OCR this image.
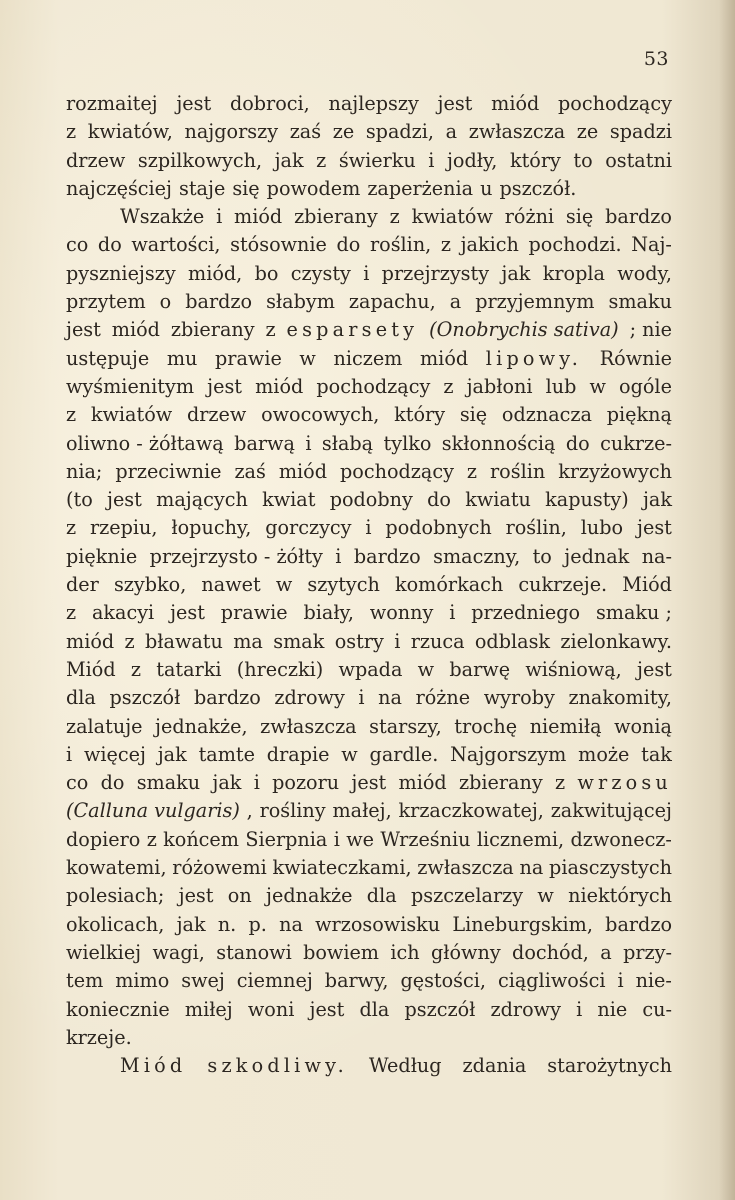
53
rozmaitej jest dobroci, najlepszy jest miód pochodzący
z kwiatów, najgorszy zaś ze spadzi, a zwłaszcza ze spadzi
drzew szpilkowych, jak z świerku i jodły, który to ostatni
najczęściej staje się powodem zaperżenia u pszczół.
Wszakże i miód zbierany z kwiatów różni się bardzo
co do wartości, stósownie do roślin, z jakich pochodzi. Naj-
pyszniejszy miód, bo czysty i przejrzysty jak kropla wody,
przytem o bardzo słabym zapachu, a przyjemnym smaku
jest miód zbierany z esparsety (Onobrychis sativa) ; nie
ustępuje mu prawie w niczem miód lipowy. Równie
wyśmienitym jest miód pochodzący z jabłoni lub w ogóle
z kwiatów drzew owocowych, który się odznacza piękną
oliwno - żółtawą barwą i słabą tylko skłonnością do cukrze-
nia; przeciwnie zaś miód pochodzący z roślin krzyżowych
(to jest mających kwiat podobny do kwiatu kapusty) jak
z rzepiu, łopuchy, gorczycy i podobnych roślin, lubo jest
pięknie przejrzysto - żółty i bardzo smaczny, to jednak na-
der szybko, nawet w szytych komórkach cukrzeje. Miód
z akacyi jest prawie biały, wonny i przedniego smaku ;
miód z bławatu ma smak ostry i rzuca odblask zielonkawy.
Miód z tatarki (hreczki) wpada w barwę wiśniową, jest
dla pszczół bardzo zdrowy i na różne wyroby znakomity,
zalatuje jednakże, zwłaszcza starszy, trochę niemiłą wonią
i więcej jak tamte drapie w gardle. Najgorszym może tak
co do smaku jak i pozoru jest miód zbierany z wrzosu
(Calluna vulgaris) , rośliny małej, krzaczkowatej, zakwitującej
dopiero z końcem Sierpnia i we Wrześniu licznemi, dzwonecz-
kowatemi, różowemi kwiateczkami, zwłaszcza na piasczystych
polesiach; jest on jednakże dla pszczelarzy w niektórych
okolicach, jak n. p. na wrzosowisku Lineburgskim, bardzo
wielkiej wagi, stanowi bowiem ich główny dochód, a przy-
tem mimo swej ciemnej barwy, gęstości, ciągliwości i nie-
koniecznie miłej woni jest dla pszczół zdrowy i nie cu-
krzeje.
Miód szkodliwy. Według zdania starożytnych
